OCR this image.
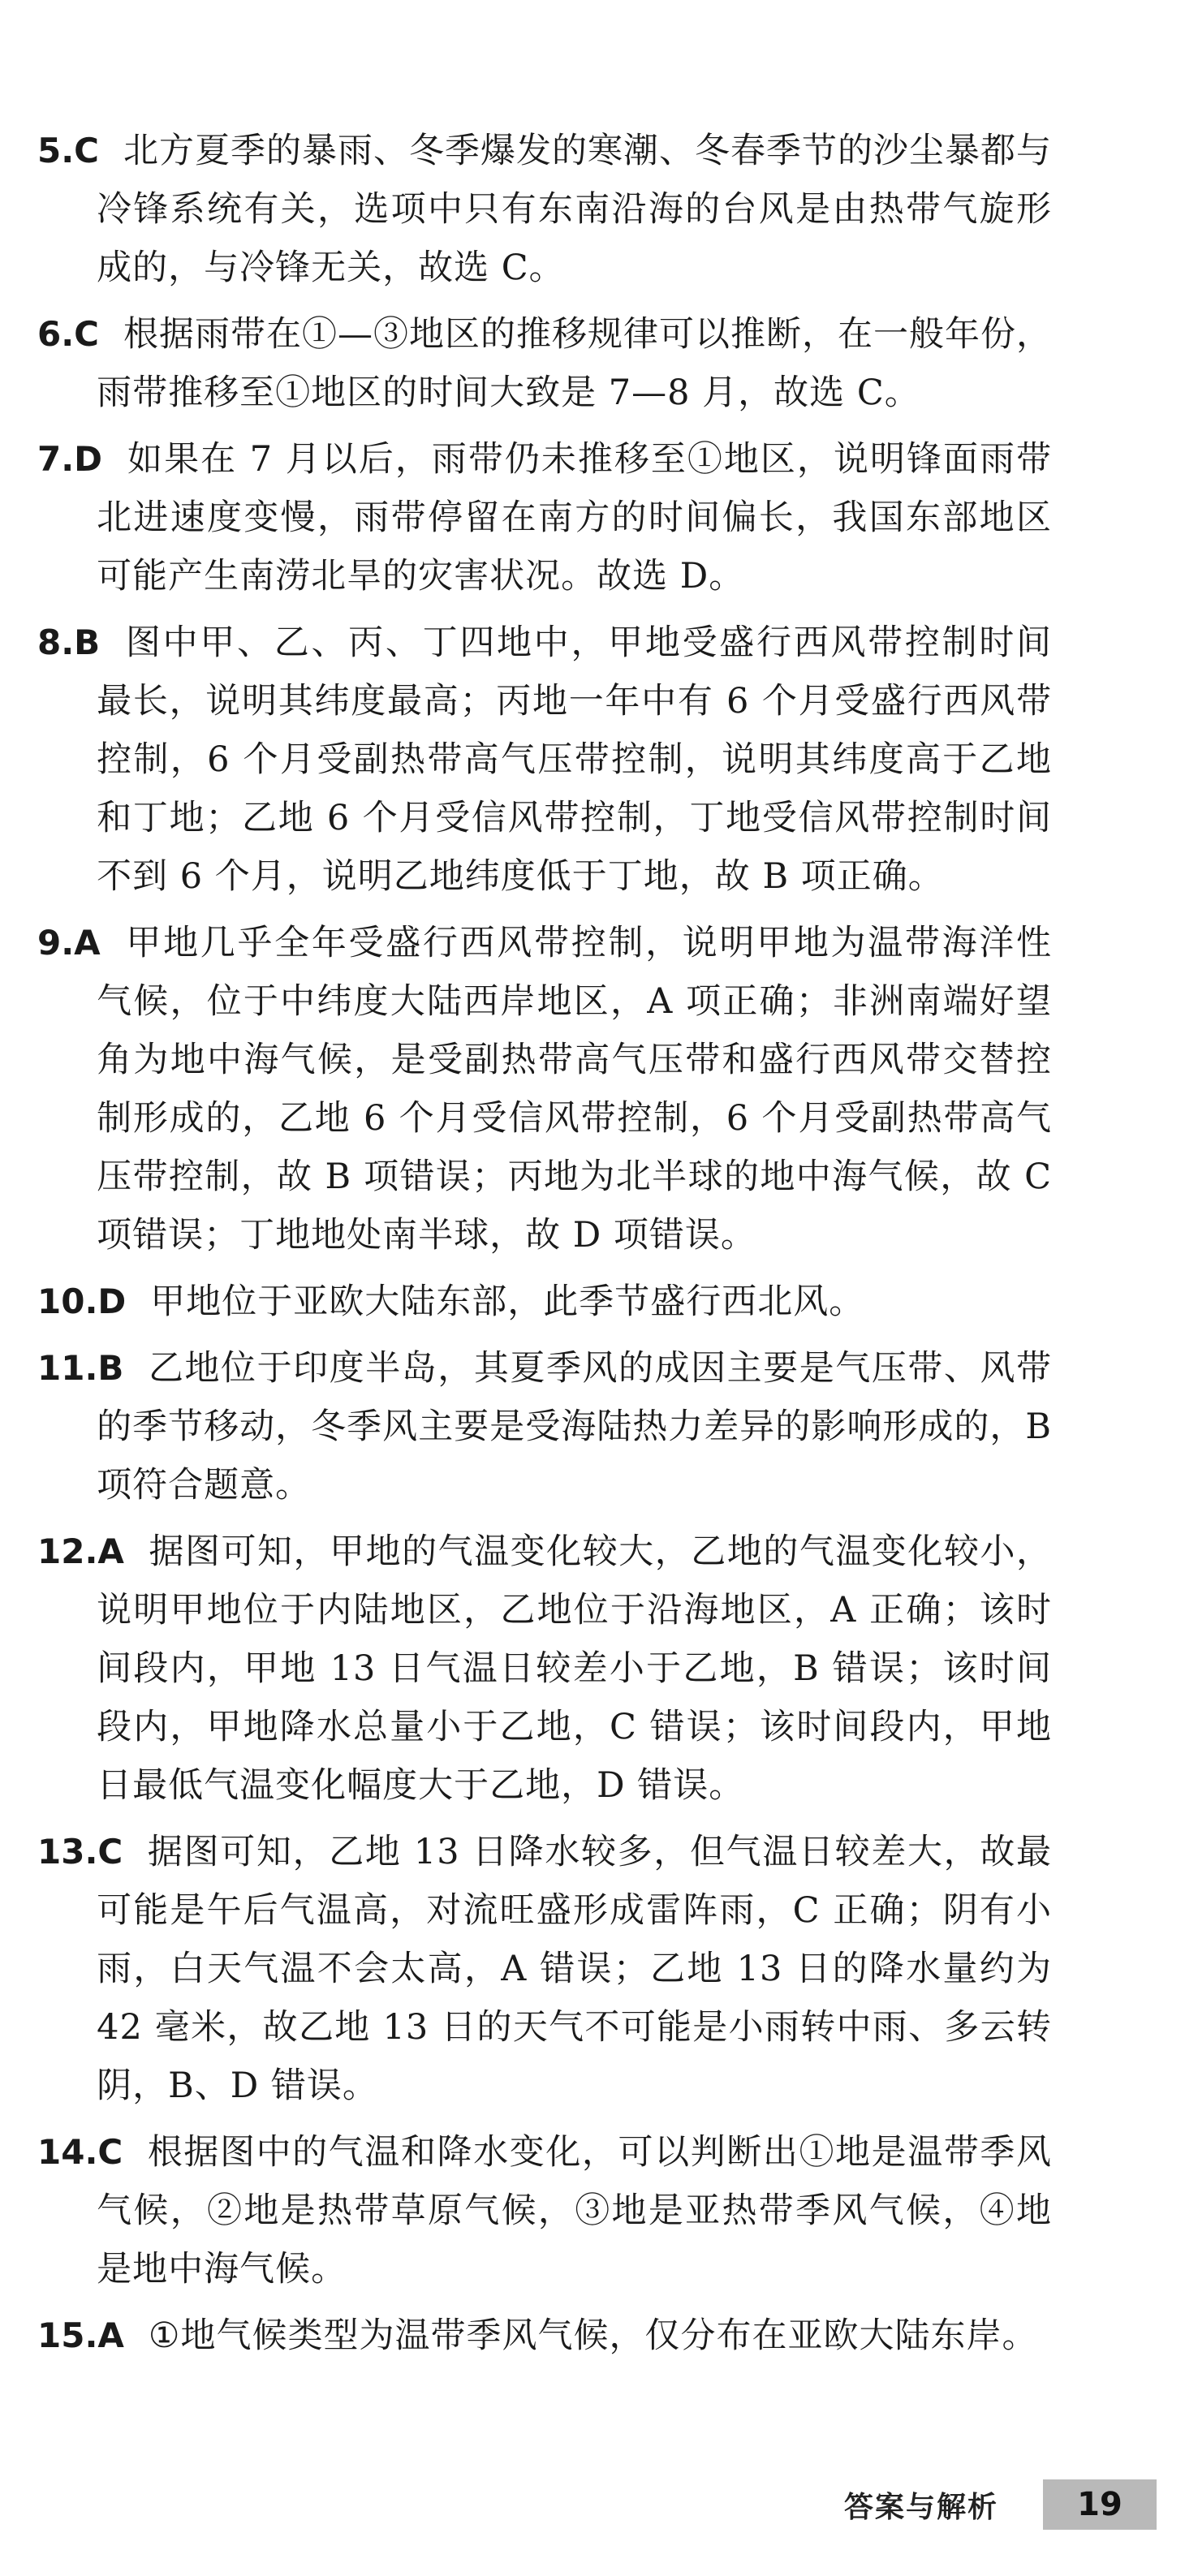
5.C 北方夏季的暴雨、冬季爆发的寒潮、冬春季节的沙尘暴都与冷锋系统有关，选项中只有东南沿海的台风是由热带气旋形成的，与冷锋无关，故选 C。
6.C 根据雨带在①—③地区的推移规律可以推断，在一般年份，雨带推移至①地区的时间大致是 7—8 月，故选 C。
7.D 如果在 7 月以后，雨带仍未推移至①地区，说明锋面雨带北进速度变慢，雨带停留在南方的时间偏长，我国东部地区可能产生南涝北旱的灾害状况。故选 D。
8.B 图中甲、乙、丙、丁四地中，甲地受盛行西风带控制时间最长，说明其纬度最高；丙地一年中有 6 个月受盛行西风带控制，6 个月受副热带高气压带控制，说明其纬度高于乙地和丁地；乙地 6 个月受信风带控制，丁地受信风带控制时间不到 6 个月，说明乙地纬度低于丁地，故 B 项正确。
9.A 甲地几乎全年受盛行西风带控制，说明甲地为温带海洋性气候，位于中纬度大陆西岸地区，A 项正确；非洲南端好望角为地中海气候，是受副热带高气压带和盛行西风带交替控制形成的，乙地 6 个月受信风带控制，6 个月受副热带高气压带控制，故 B 项错误；丙地为北半球的地中海气候，故 C 项错误；丁地地处南半球，故 D 项错误。
10.D 甲地位于亚欧大陆东部，此季节盛行西北风。
11.B 乙地位于印度半岛，其夏季风的成因主要是气压带、风带的季节移动，冬季风主要是受海陆热力差异的影响形成的，B 项符合题意。
12.A 据图可知，甲地的气温变化较大，乙地的气温变化较小，说明甲地位于内陆地区，乙地位于沿海地区，A 正确；该时间段内，甲地 13 日气温日较差小于乙地，B 错误；该时间段内，甲地降水总量小于乙地，C 错误；该时间段内，甲地日最低气温变化幅度大于乙地，D 错误。
13.C 据图可知，乙地 13 日降水较多，但气温日较差大，故最可能是午后气温高，对流旺盛形成雷阵雨，C 正确；阴有小雨，白天气温不会太高，A 错误；乙地 13 日的降水量约为 42 毫米，故乙地 13 日的天气不可能是小雨转中雨、多云转阴，B、D 错误。
14.C 根据图中的气温和降水变化，可以判断出①地是温带季风气候，②地是热带草原气候，③地是亚热带季风气候，④地是地中海气候。
15.A ①地气候类型为温带季风气候，仅分布在亚欧大陆东岸。
答案与解析	19
